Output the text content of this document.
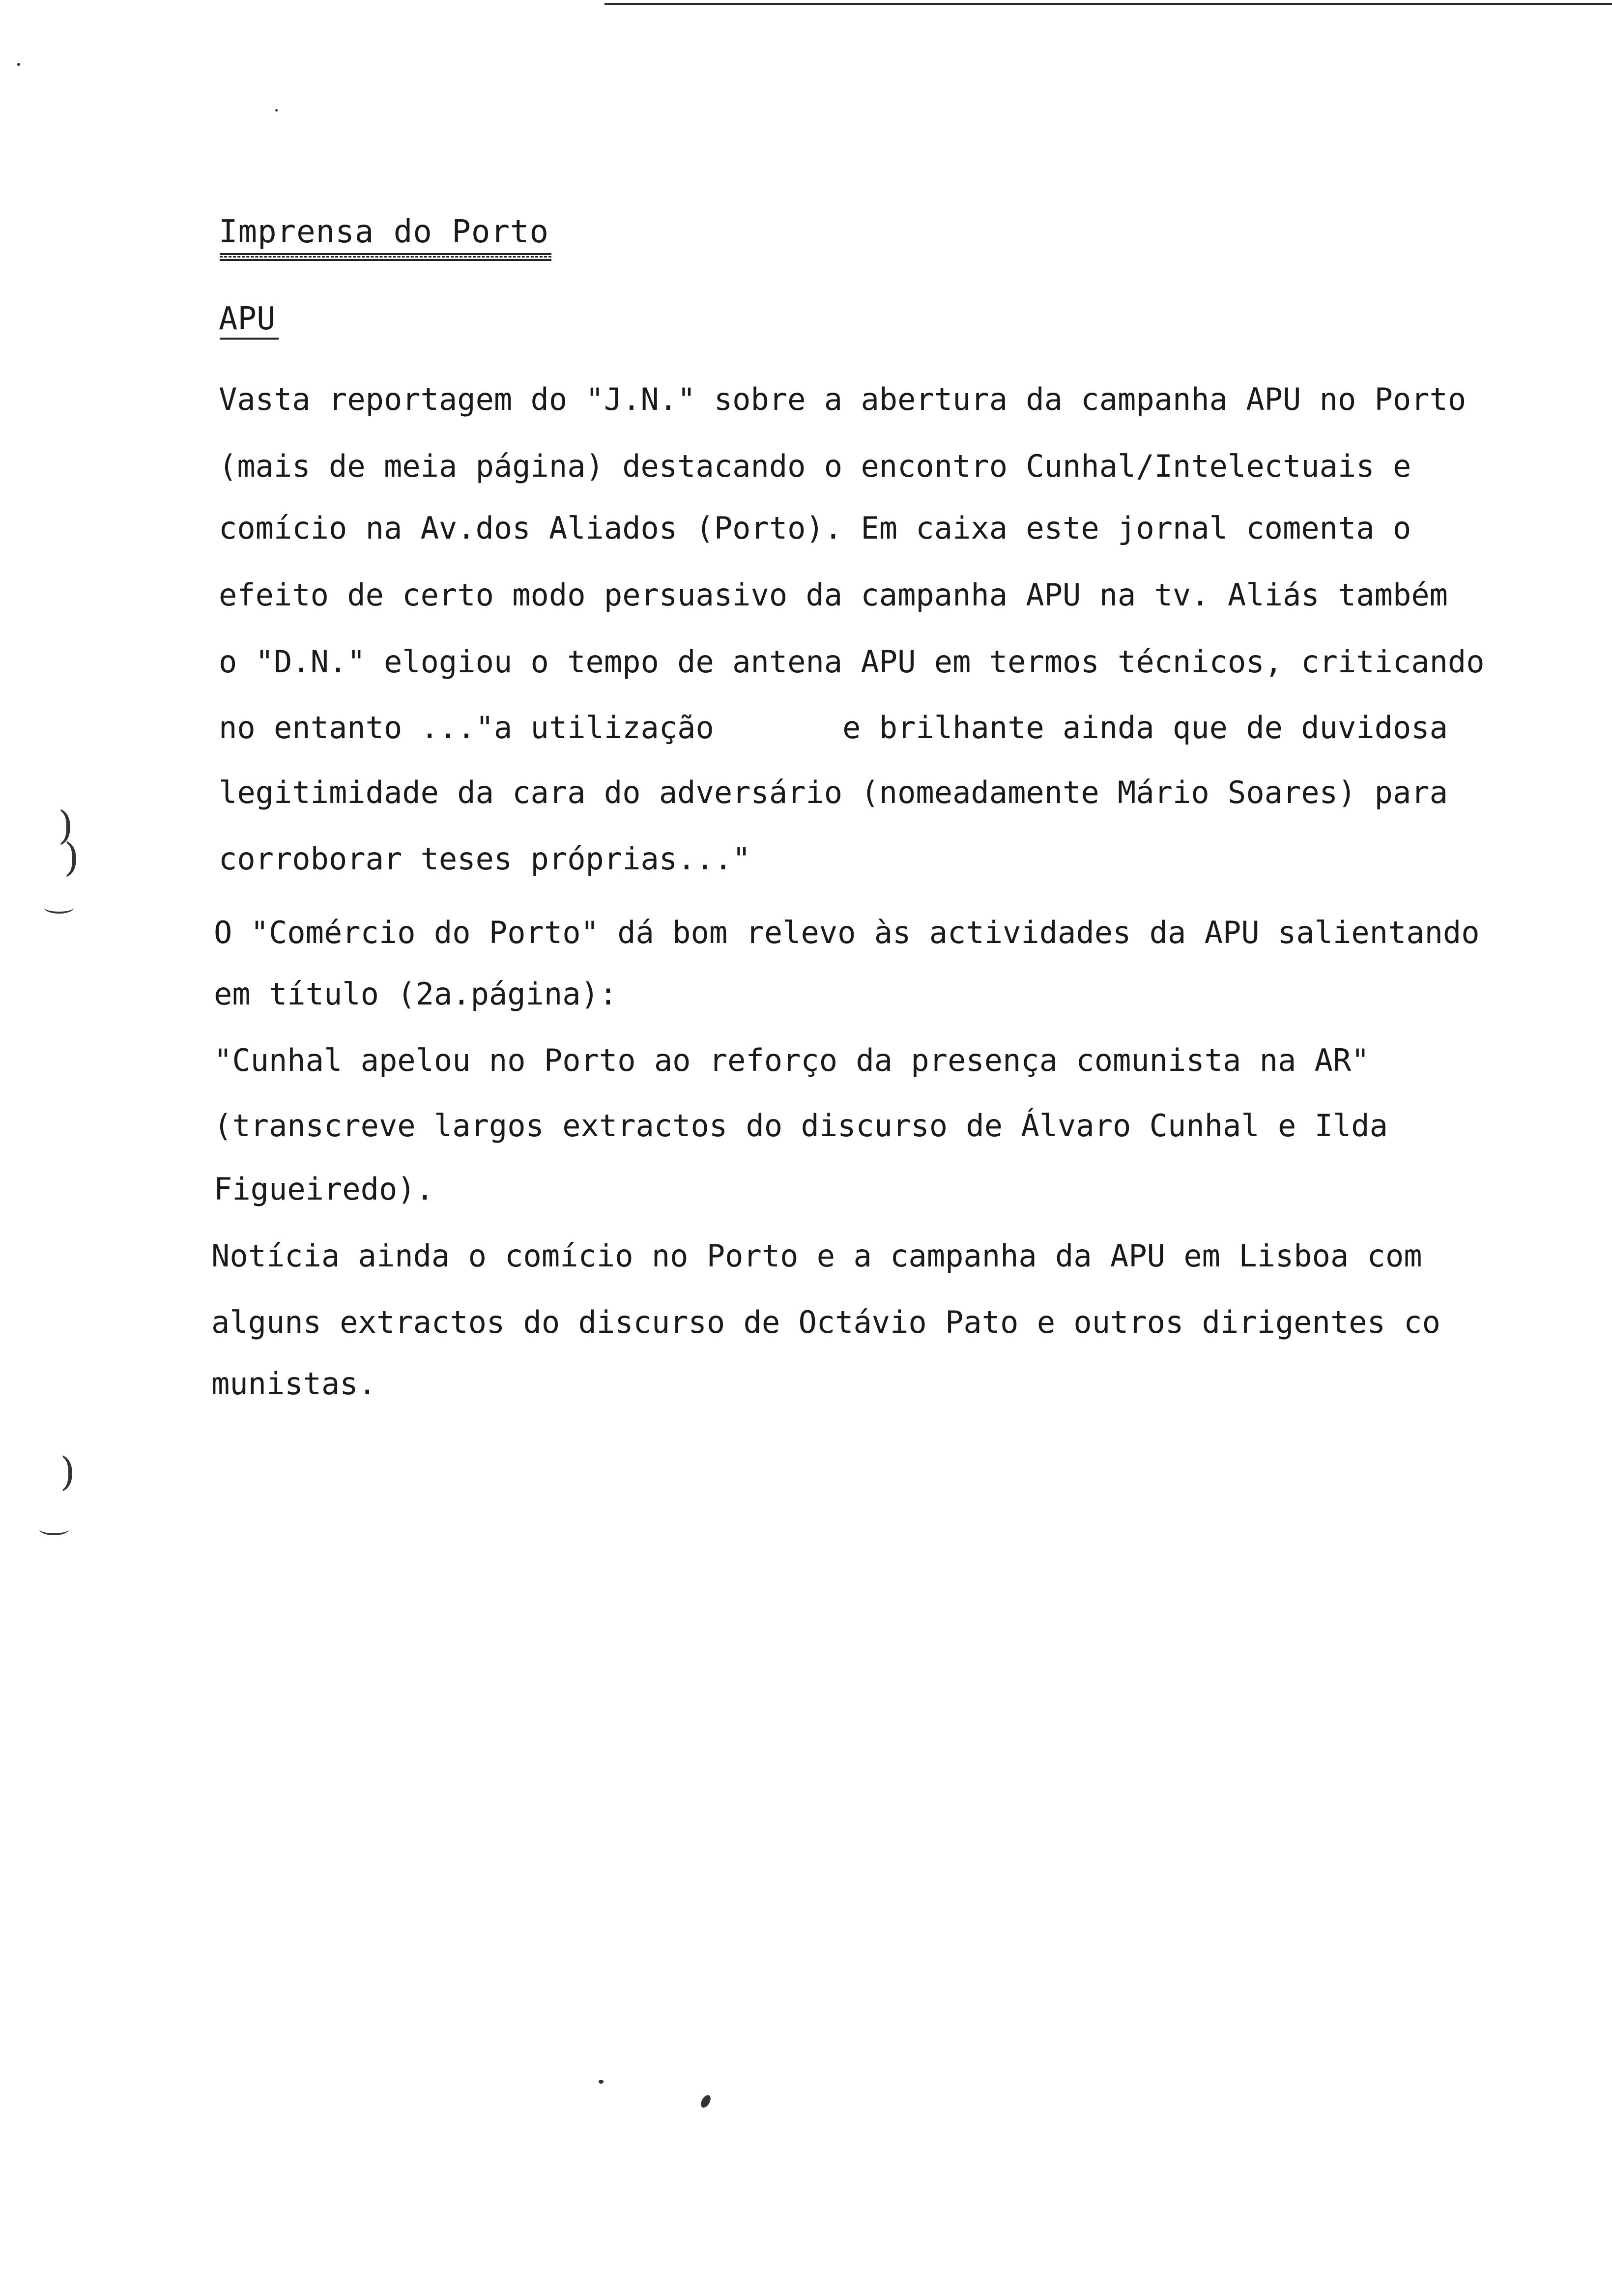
Imprensa do Porto
APU
Vasta reportagem do "J.N." sobre a abertura da campanha APU no Porto
(mais de meia página) destacando o encontro Cunhal/Intelectuais e
comício na Av.dos Aliados (Porto). Em caixa este jornal comenta o
efeito de certo modo persuasivo da campanha APU na tv. Aliás também
o "D.N." elogiou o tempo de antena APU em termos técnicos, criticando
no entanto ..."a utilização       e brilhante ainda que de duvidosa
legitimidade da cara do adversário (nomeadamente Mário Soares) para
corroborar teses próprias..."
O "Comércio do Porto" dá bom relevo às actividades da APU salientando
em título (2a.página):
"Cunhal apelou no Porto ao reforço da presença comunista na AR"
(transcreve largos extractos do discurso de Álvaro Cunhal e Ilda
Figueiredo).
Notícia ainda o comício no Porto e a campanha da APU em Lisboa com
alguns extractos do discurso de Octávio Pato e outros dirigentes co
munistas.
)
)
)
